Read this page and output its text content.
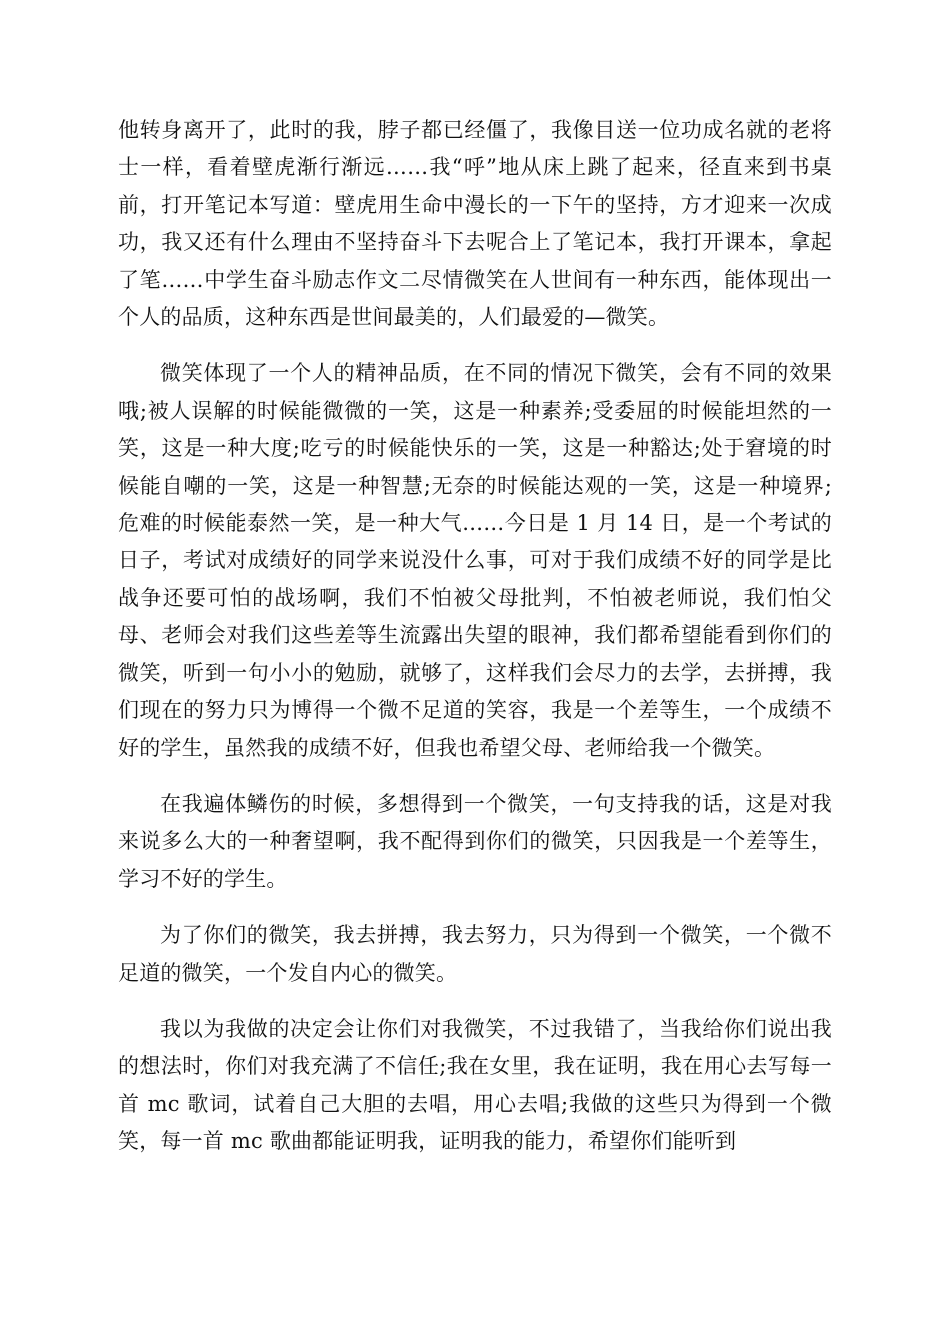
他转身离开了，此时的我，脖子都已经僵了，我像目送一位功成名就的老将士一样，看着壁虎渐行渐远……我“呼”地从床上跳了起来，径直来到书桌前，打开笔记本写道：壁虎用生命中漫长的一下午的坚持，方才迎来一次成功，我又还有什么理由不坚持奋斗下去呢合上了笔记本，我打开课本，拿起了笔……中学生奋斗励志作文二尽情微笑在人世间有一种东西，能体现出一个人的品质，这种东西是世间最美的，人们最爱的—微笑。

微笑体现了一个人的精神品质，在不同的情况下微笑，会有不同的效果哦;被人误解的时候能微微的一笑，这是一种素养;受委屈的时候能坦然的一笑，这是一种大度;吃亏的时候能快乐的一笑，这是一种豁达;处于窘境的时候能自嘲的一笑，这是一种智慧;无奈的时候能达观的一笑，这是一种境界;危难的时候能泰然一笑，是一种大气……今日是 1 月 14 日，是一个考试的日子，考试对成绩好的同学来说没什么事，可对于我们成绩不好的同学是比战争还要可怕的战场啊，我们不怕被父母批判，不怕被老师说，我们怕父母、老师会对我们这些差等生流露出失望的眼神，我们都希望能看到你们的微笑，听到一句小小的勉励，就够了，这样我们会尽力的去学，去拼搏，我们现在的努力只为博得一个微不足道的笑容，我是一个差等生，一个成绩不好的学生，虽然我的成绩不好，但我也希望父母、老师给我一个微笑。

在我遍体鳞伤的时候，多想得到一个微笑，一句支持我的话，这是对我来说多么大的一种奢望啊，我不配得到你们的微笑，只因我是一个差等生，学习不好的学生。

为了你们的微笑，我去拼搏，我去努力，只为得到一个微笑，一个微不足道的微笑，一个发自内心的微笑。

我以为我做的决定会让你们对我微笑，不过我错了，当我给你们说出我的想法时，你们对我充满了不信任;我在女里，我在证明，我在用心去写每一首 mc 歌词，试着自己大胆的去唱，用心去唱;我做的这些只为得到一个微笑，每一首 mc 歌曲都能证明我，证明我的能力，希望你们能听到
